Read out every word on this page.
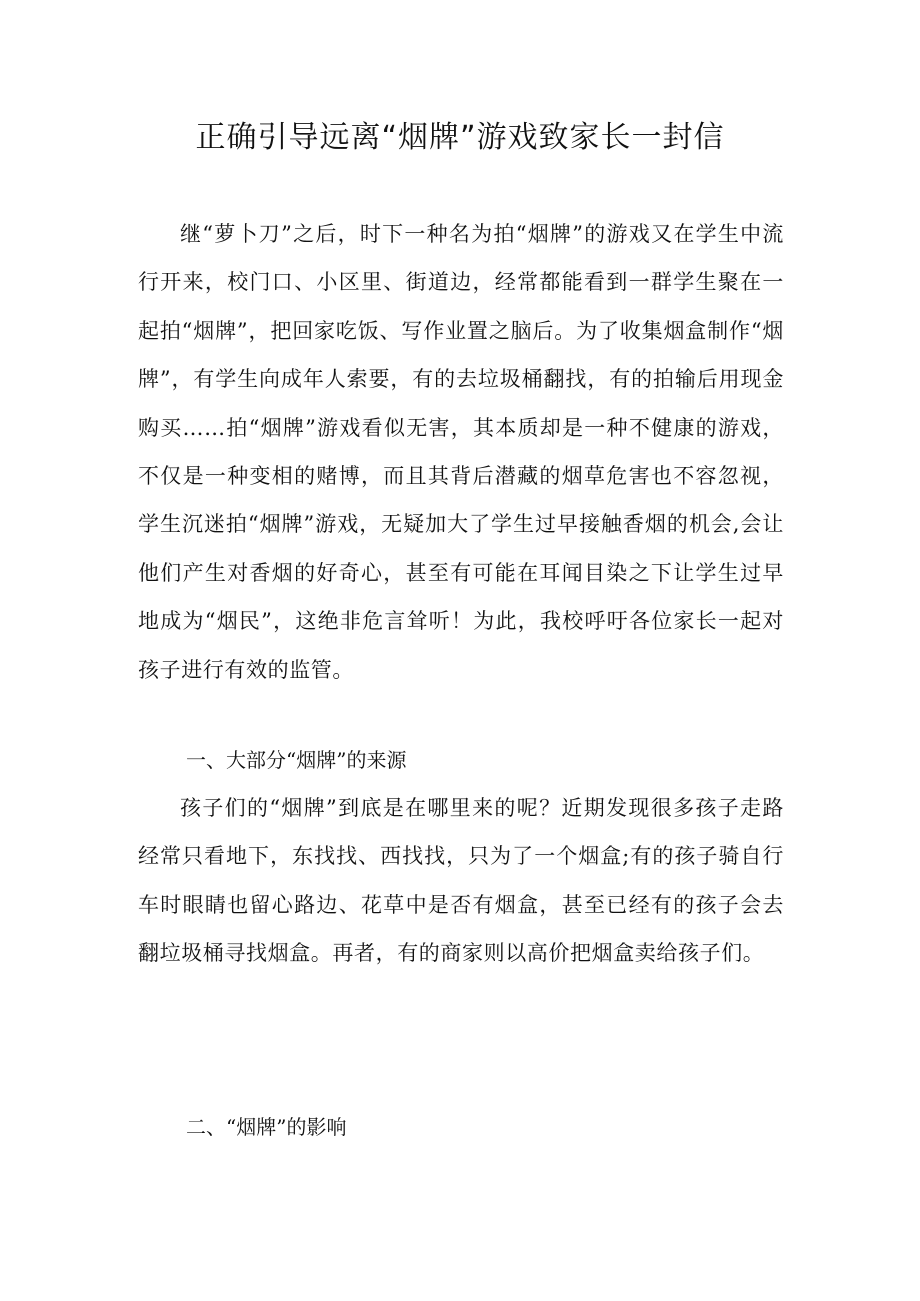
正确引导远离“烟牌”游戏致家长一封信

继“萝卜刀”之后，时下一种名为拍“烟牌”的游戏又在学生中流行开来，校门口、小区里、街道边，经常都能看到一群学生聚在一起拍“烟牌”，把回家吃饭、写作业置之脑后。为了收集烟盒制作“烟牌”，有学生向成年人索要，有的去垃圾桶翻找，有的拍输后用现金购买……拍“烟牌”游戏看似无害，其本质却是一种不健康的游戏，不仅是一种变相的赌博，而且其背后潜藏的烟草危害也不容忽视，学生沉迷拍“烟牌”游戏，无疑加大了学生过早接触香烟的机会,会让他们产生对香烟的好奇心，甚至有可能在耳闻目染之下让学生过早地成为“烟民”，这绝非危言耸听！为此，我校呼吁各位家长一起对孩子进行有效的监管。

一、大部分“烟牌”的来源

孩子们的“烟牌”到底是在哪里来的呢？近期发现很多孩子走路经常只看地下，东找找、西找找，只为了一个烟盒;有的孩子骑自行车时眼睛也留心路边、花草中是否有烟盒，甚至已经有的孩子会去翻垃圾桶寻找烟盒。再者，有的商家则以高价把烟盒卖给孩子们。

二、“烟牌”的影响
